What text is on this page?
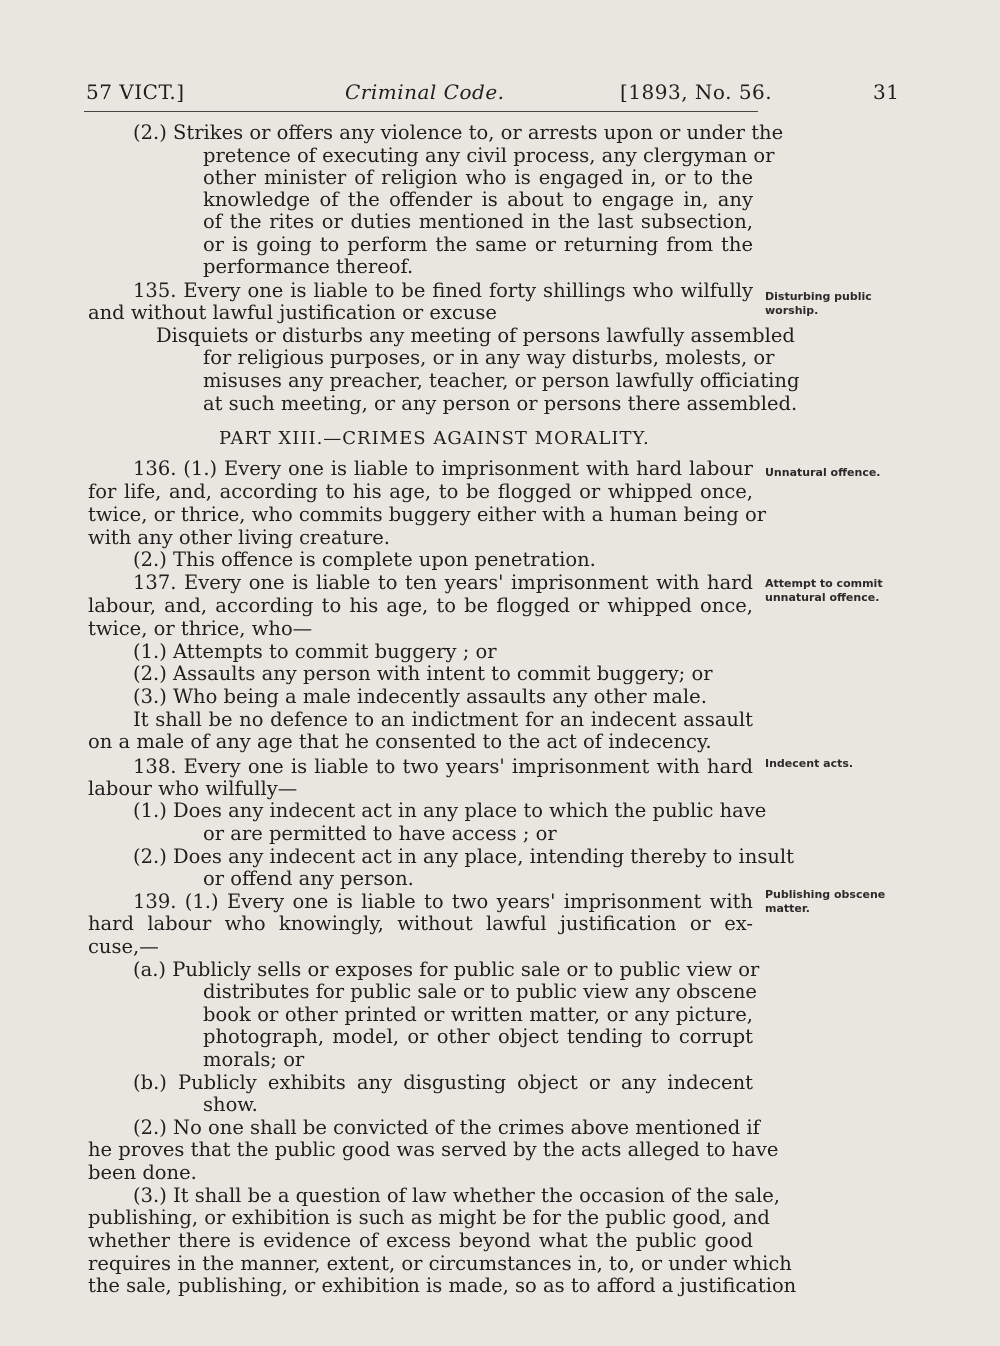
57 VICT.]	Criminal Code.	[1893, No. 56.	31
(2.) Strikes or offers any violence to, or arrests upon or under the
pretence of executing any civil process, any clergyman or
other minister of religion who is engaged in, or to the
knowledge of the offender is about to engage in, any
of the rites or duties mentioned in the last subsection,
or is going to perform the same or returning from the
performance thereof.
135. Every one is liable to be fined forty shillings who wilfully
and without lawful justification or excuse
Disquiets or disturbs any meeting of persons lawfully assembled
for religious purposes, or in any way disturbs, molests, or
misuses any preacher, teacher, or person lawfully officiating
at such meeting, or any person or persons there assembled.
PART XIII.—CRIMES AGAINST MORALITY.
136. (1.) Every one is liable to imprisonment with hard labour
for life, and, according to his age, to be flogged or whipped once,
twice, or thrice, who commits buggery either with a human being or
with any other living creature.
(2.) This offence is complete upon penetration.
137. Every one is liable to ten years' imprisonment with hard
labour, and, according to his age, to be flogged or whipped once,
twice, or thrice, who—
(1.) Attempts to commit buggery ; or
(2.) Assaults any person with intent to commit buggery; or
(3.) Who being a male indecently assaults any other male.
It shall be no defence to an indictment for an indecent assault
on a male of any age that he consented to the act of indecency.
138. Every one is liable to two years' imprisonment with hard
labour who wilfully—
(1.) Does any indecent act in any place to which the public have
or are permitted to have access ; or
(2.) Does any indecent act in any place, intending thereby to insult
or offend any person.
139. (1.) Every one is liable to two years' imprisonment with
hard labour who knowingly, without lawful justification or ex-
cuse,—
(a.) Publicly sells or exposes for public sale or to public view or
distributes for public sale or to public view any obscene
book or other printed or written matter, or any picture,
photograph, model, or other object tending to corrupt
morals; or
(b.) Publicly exhibits any disgusting object or any indecent
show.
(2.) No one shall be convicted of the crimes above mentioned if
he proves that the public good was served by the acts alleged to have
been done.
(3.) It shall be a question of law whether the occasion of the sale,
publishing, or exhibition is such as might be for the public good, and
whether there is evidence of excess beyond what the public good
requires in the manner, extent, or circumstances in, to, or under which
the sale, publishing, or exhibition is made, so as to afford a justification
Disturbing public worship.
Unnatural offence.
Attempt to commit unnatural offence.
Indecent acts.
Publishing obscene matter.
